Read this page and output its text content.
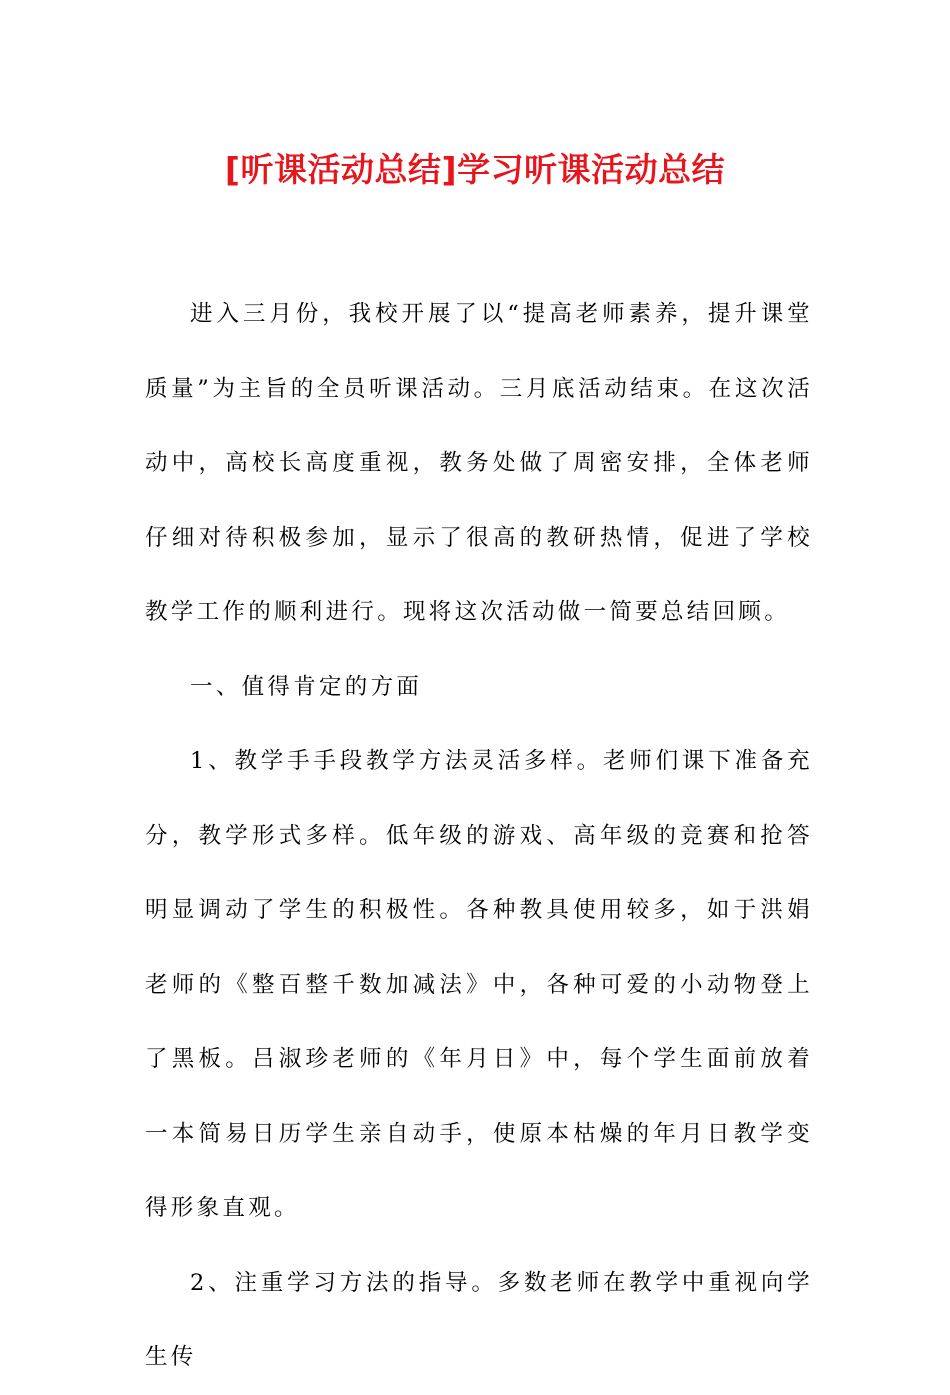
[听课活动总结]学习听课活动总结

进入三月份，我校开展了以“提高老师素养，提升课堂质量”为主旨的全员听课活动。三月底活动结束。在这次活动中，高校长高度重视，教务处做了周密安排，全体老师仔细对待积极参加，显示了很高的教研热情，促进了学校教学工作的顺利进行。现将这次活动做一简要总结回顾。

一、值得肯定的方面

1、教学手手段教学方法灵活多样。老师们课下准备充分，教学形式多样。低年级的游戏、高年级的竞赛和抢答明显调动了学生的积极性。各种教具使用较多，如于洪娟老师的《整百整千数加减法》中，各种可爱的小动物登上了黑板。吕淑珍老师的《年月日》中，每个学生面前放着一本简易日历学生亲自动手，使原本枯燥的年月日教学变得形象直观。

2、注重学习方法的指导。多数老师在教学中重视向学生传
